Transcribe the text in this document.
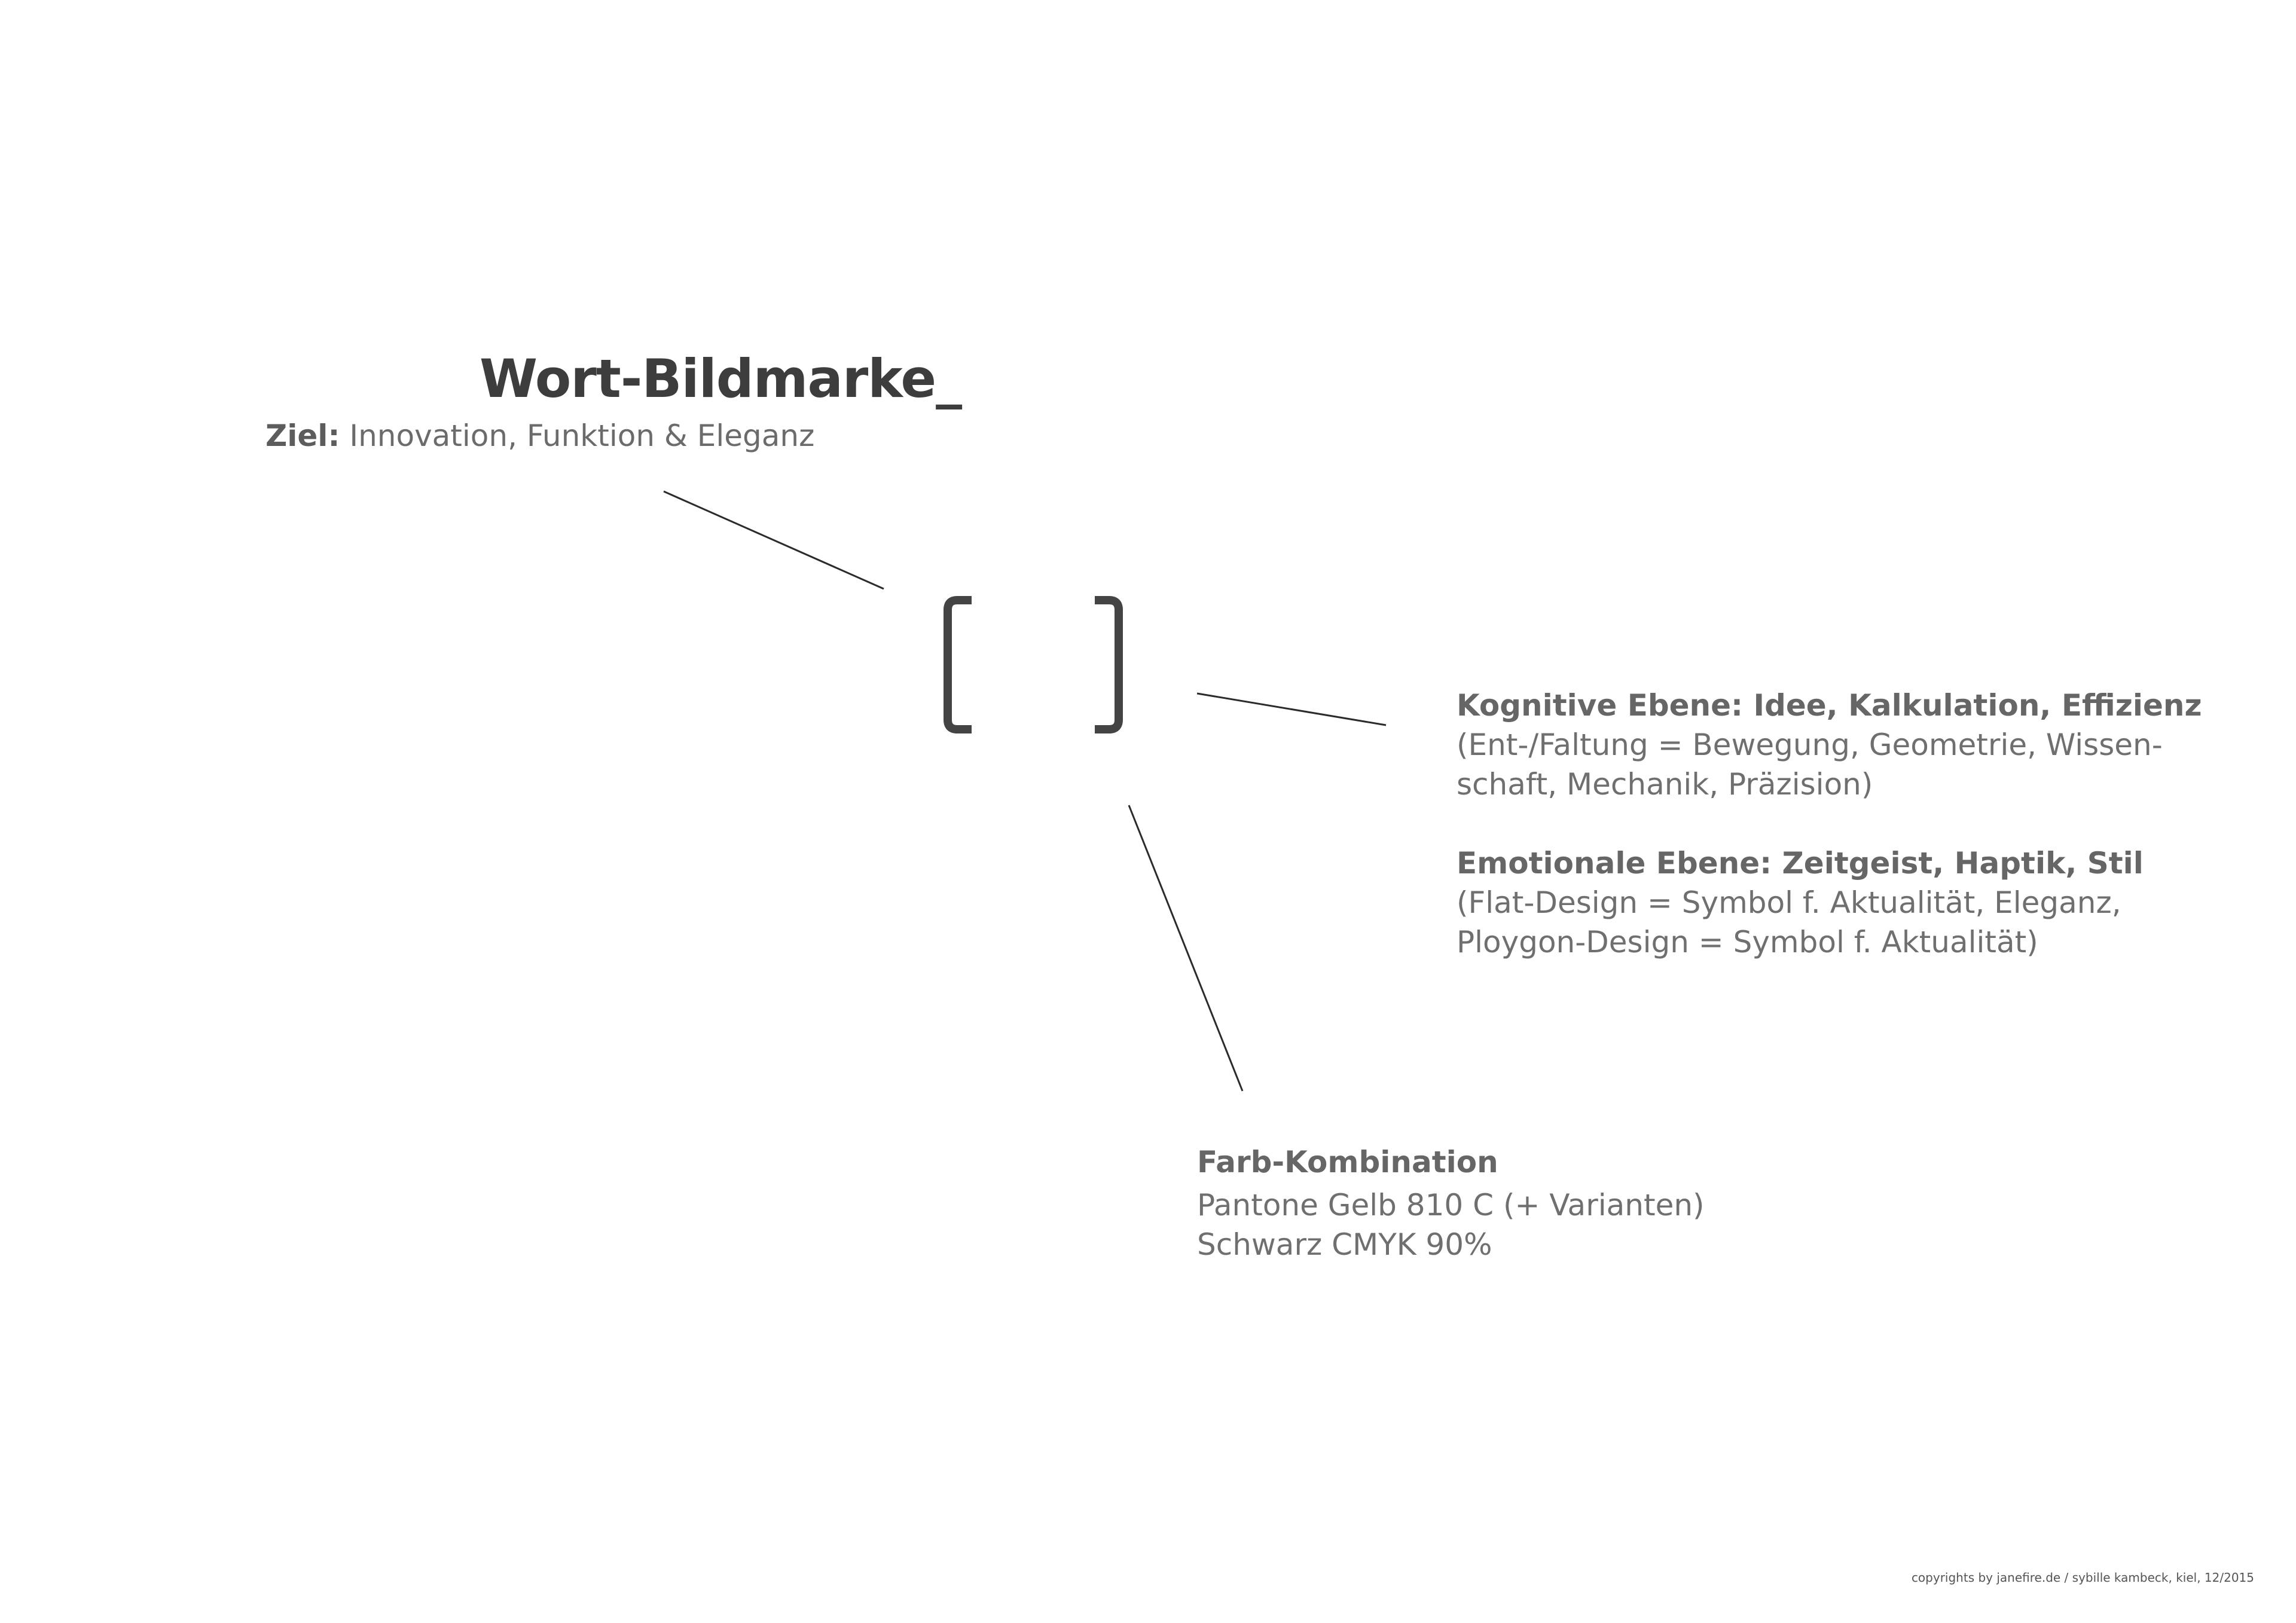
Wort-Bildmarke_
Ziel: Innovation, Funktion & Eleganz
Kognitive Ebene: Idee, Kalkulation, Effizienz
(Ent-/Faltung = Bewegung, Geometrie, Wissen-
schaft, Mechanik, Präzision)
Emotionale Ebene: Zeitgeist, Haptik, Stil
(Flat-Design = Symbol f. Aktualität, Eleganz,
Ploygon-Design = Symbol f. Aktualität)
Farb-Kombination
Pantone Gelb 810 C (+ Varianten)
Schwarz CMYK 90%
copyrights by janefire.de / sybille kambeck, kiel, 12/2015
